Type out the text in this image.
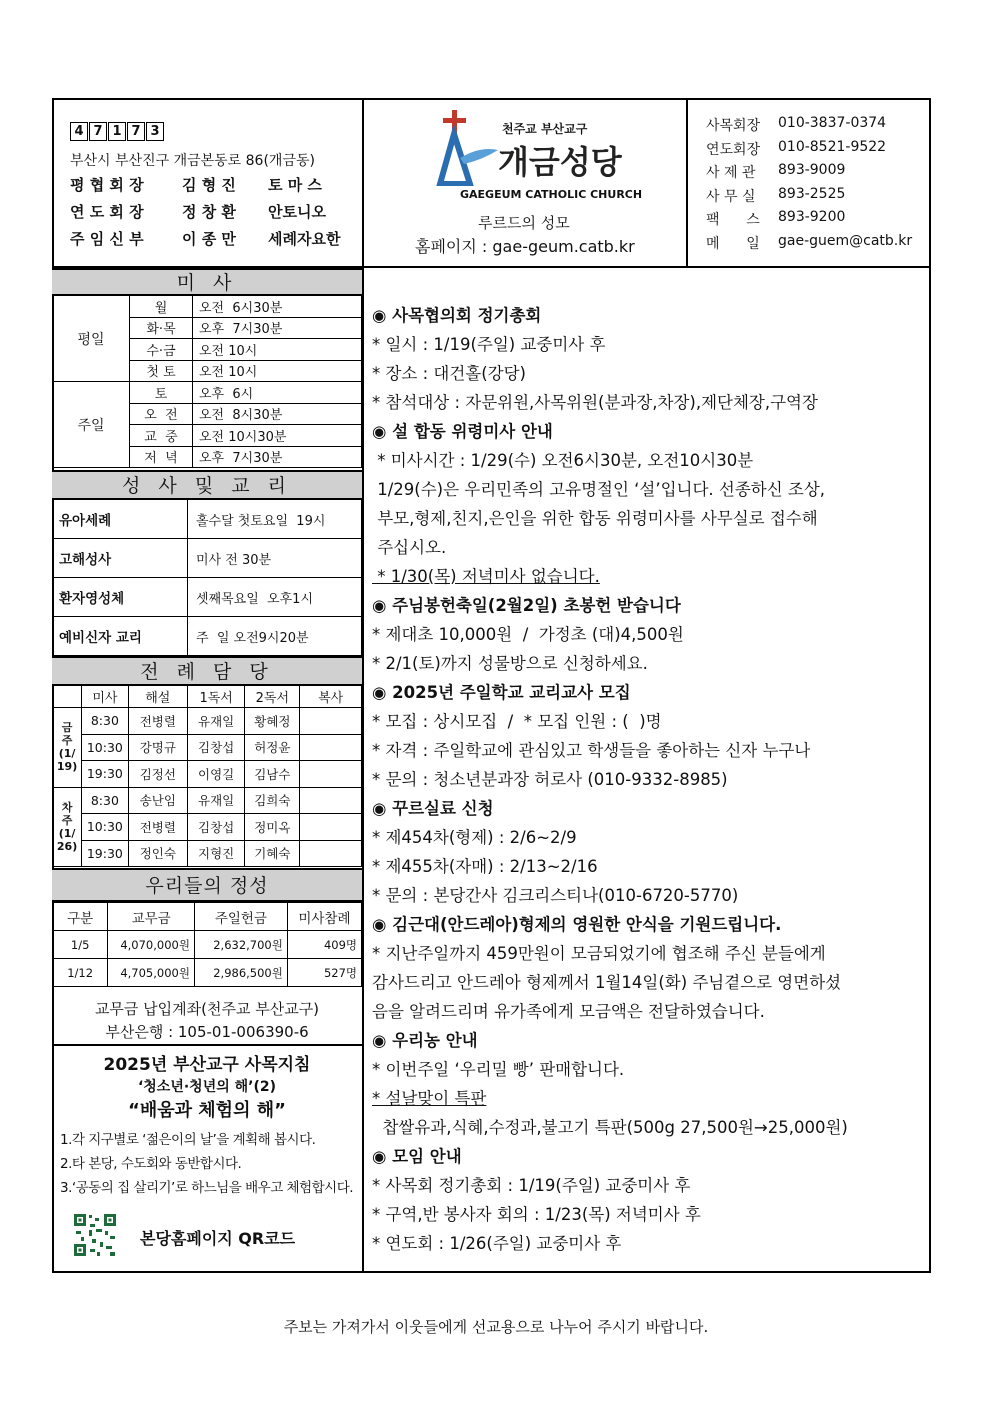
4 7 1 7 3
부산시 부산진구 개금본동로 86(개금동)
평 협 회 장	김 형 진 토 마 스
연 도 회 장	정 창 환 안토니오
주 임 신 부	이 종 만 세례자요한
천주교 부산교구
개금성당
GAEGEUM CATHOLIC CHURCH
루르드의 성모
홈페이지 : gae-geum.catb.kr
사목회장 010-3837-0374
연도회장 010-8521-9522
사 제 관 893-9009
사 무 실 893-2525
팩      스 893-9200
메      일 gae-guem@catb.kr
미 사
평일	월	오전  6시30분
	화·목	오후  7시30분
	수·금	오전 10시
	첫 토	오전 10시
주일	토	오후  6시
	오  전	오전  8시30분
	교  중	오전 10시30분
	저  녁	오후  7시30분
성 사 및 교 리
유아세례	홀수달 첫토요일  19시
고해성사	미사 전 30분
환자영성체	셋째목요일  오후1시
예비신자 교리	주  일 오전9시20분
전 례 담 당
	미사	해설	1독서	2독서	복사
금
주
(1/
19)	8:30	전병렬	유재일	황혜정	
	10:30	강명규	김창섭	허정윤	
	19:30	김정선	이영길	김남수	
차
주
(1/
26)	8:30	송난임	유재일	김희숙	
	10:30	전병렬	김창섭	정미옥	
	19:30	정인숙	지형진	기혜숙	
우리들의 정성
구분	교무금	주일헌금	미사참례
1/5	4,070,000원	2,632,700원	409명
1/12	4,705,000원	2,986,500원	527명
교무금 납입계좌(천주교 부산교구)
부산은행 : 105-01-006390-6
2025년 부산교구 사목지침
‘청소년·청년의 해’(2)
“배움과 체험의 해”
1.각 지구별로 ‘젊은이의 날’을 계획해 봅시다.
2.타 본당, 수도회와 동반합시다.
3.‘공동의 집 살리기’로 하느님을 배우고 체험합시다.
본당홈페이지 QR코드
◉ 사목협의회 정기총회
* 일시 : 1/19(주일) 교중미사 후
* 장소 : 대건홀(강당)
* 참석대상 : 자문위원,사목위원(분과장,차장),제단체장,구역장
◉ 설 합동 위령미사 안내
* 미사시간 : 1/29(수) 오전6시30분, 오전10시30분
1/29(수)은 우리민족의 고유명절인 ‘설’입니다. 선종하신 조상,
부모,형제,친지,은인을 위한 합동 위령미사를 사무실로 접수해
주십시오.
* 1/30(목) 저녁미사 없습니다.
◉ 주님봉헌축일(2월2일) 초봉헌 받습니다
* 제대초 10,000원  /  가정초 (대)4,500원
* 2/1(토)까지 성물방으로 신청하세요.
◉ 2025년 주일학교 교리교사 모집
* 모집 : 상시모집  /  * 모집 인원 : (  )명
* 자격 : 주일학교에 관심있고 학생들을 좋아하는 신자 누구나
* 문의 : 청소년분과장 허로사 (010-9332-8985)
◉ 꾸르실료 신청
* 제454차(형제) : 2/6~2/9
* 제455차(자매) : 2/13~2/16
* 문의 : 본당간사 김크리스티나(010-6720-5770)
◉ 김근대(안드레아)형제의 영원한 안식을 기원드립니다.
* 지난주일까지 459만원이 모금되었기에 협조해 주신 분들에게
감사드리고 안드레아 형제께서 1월14일(화) 주님곁으로 영면하셨
음을 알려드리며 유가족에게 모금액은 전달하였습니다.
◉ 우리농 안내
* 이번주일 ‘우리밀 빵’ 판매합니다.
* 설날맞이 특판
찹쌀유과,식혜,수정과,불고기 특판(500g 27,500원→25,000원)
◉ 모임 안내
* 사목회 정기총회 : 1/19(주일) 교중미사 후
* 구역,반 봉사자 회의 : 1/23(목) 저녁미사 후
* 연도회 : 1/26(주일) 교중미사 후
주보는 가져가서 이웃들에게 선교용으로 나누어 주시기 바랍니다.
